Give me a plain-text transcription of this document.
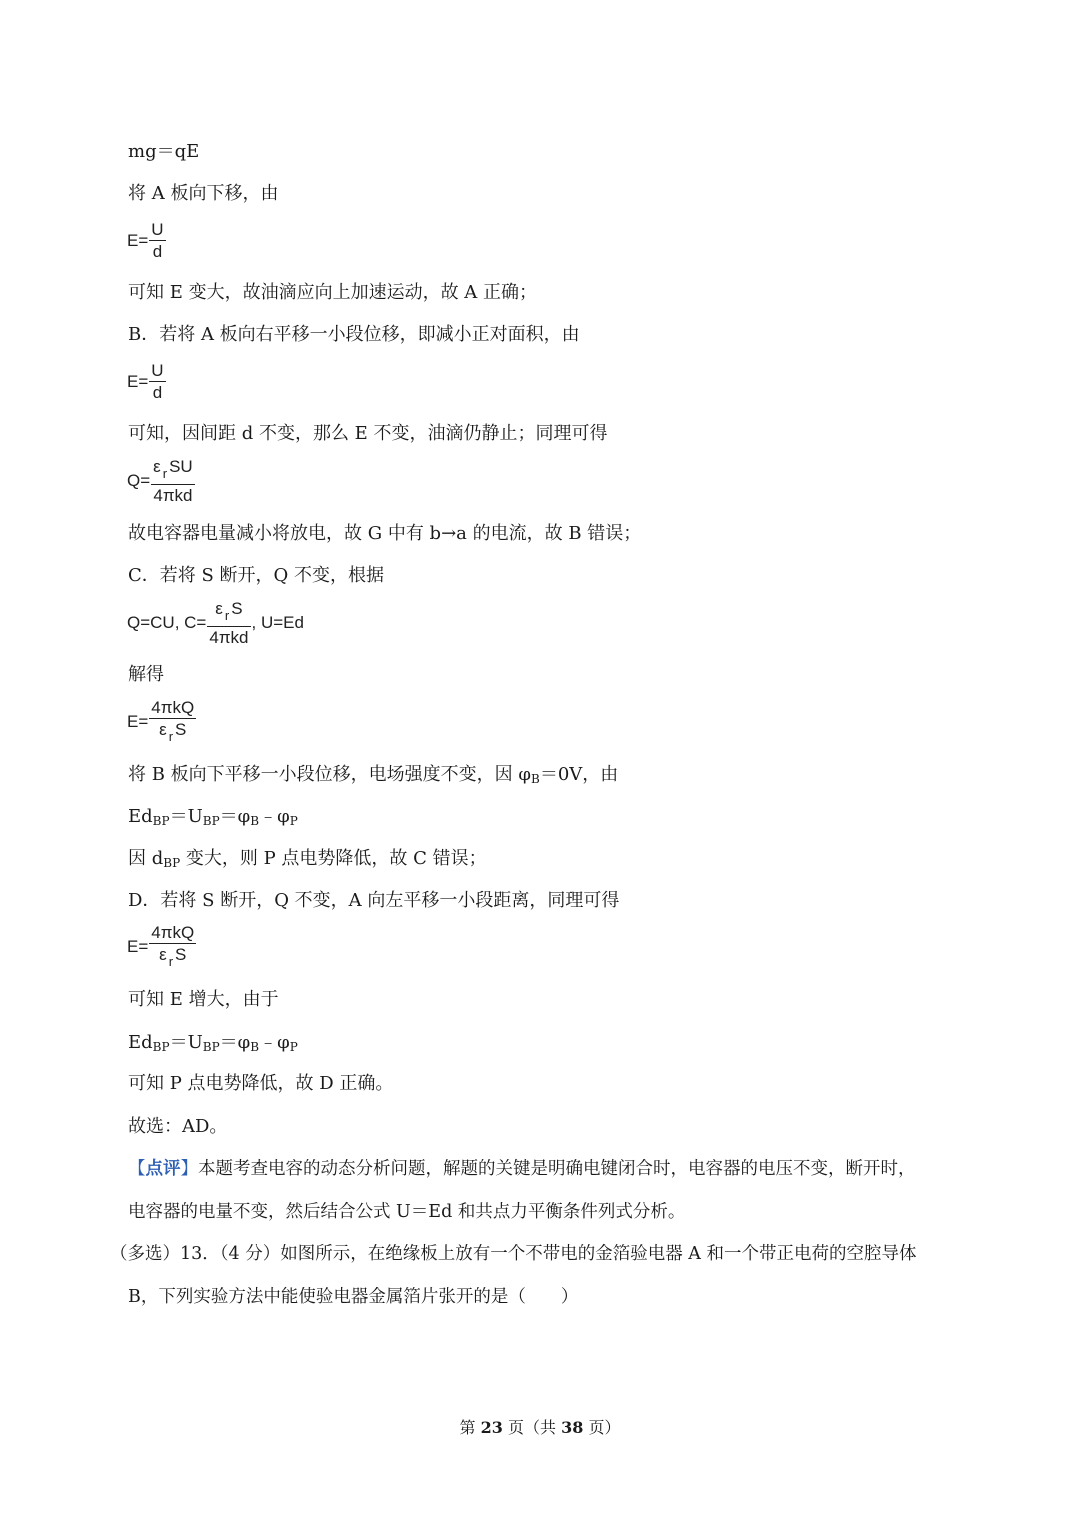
mg＝qE
将 A 板向下移，由
$E= \frac{U}{d}$
可知 E 变大，故油滴应向上加速运动，故 A 正确；
B．若将 A 板向右平移一小段位移，即减小正对面积，由
$E= \frac{U}{d}$
可知，因间距 d 不变，那么 E 不变，油滴仍静止；同理可得
$Q= \frac{\varepsilon _r SU}{\text{4πkd}}$
故电容器电量减小将放电，故 G 中有 b→a 的电流，故 B 错误；
C．若将 S 断开，Q 不变，根据
Q=CU, $C= \frac{\varepsilon _r S}{\text{4πkd}}$ , U=Ed
解得
$E= \frac{\text{4πkQ}}{\varepsilon _r S}$
将 B 板向下平移一小段位移，电场强度不变，因 $\varphi_B=0V$，由
$Ed_{BP}=U_{BP}=\varphi_B﹣\varphi_P$
因 $d_{BP}$ 变大，则 P 点电势降低，故 C 错误；
D．若将 S 断开，Q 不变，A 向左平移一小段距离，同理可得
$E= \frac{\text{4πkQ}}{\varepsilon _r S}$
可知 E 增大，由于
$Ed_{BP}=U_{BP}=\varphi_B﹣\varphi_P$
可知 P 点电势降低，故 D 正确。
故选：AD。
【点评】本题考查电容的动态分析问题，解题的关键是明确电键闭合时，电容器的电压不变，断开时，
电容器的电量不变，然后结合公式 U＝Ed 和共点力平衡条件列式分析。
（多选）13．（4 分）如图所示，在绝缘板上放有一个不带电的金箔验电器 A 和一个带正电荷的空腔导体
B，下列实验方法中能使验电器金属箔片张开的是（　　）
第 23 页（共 38 页）
